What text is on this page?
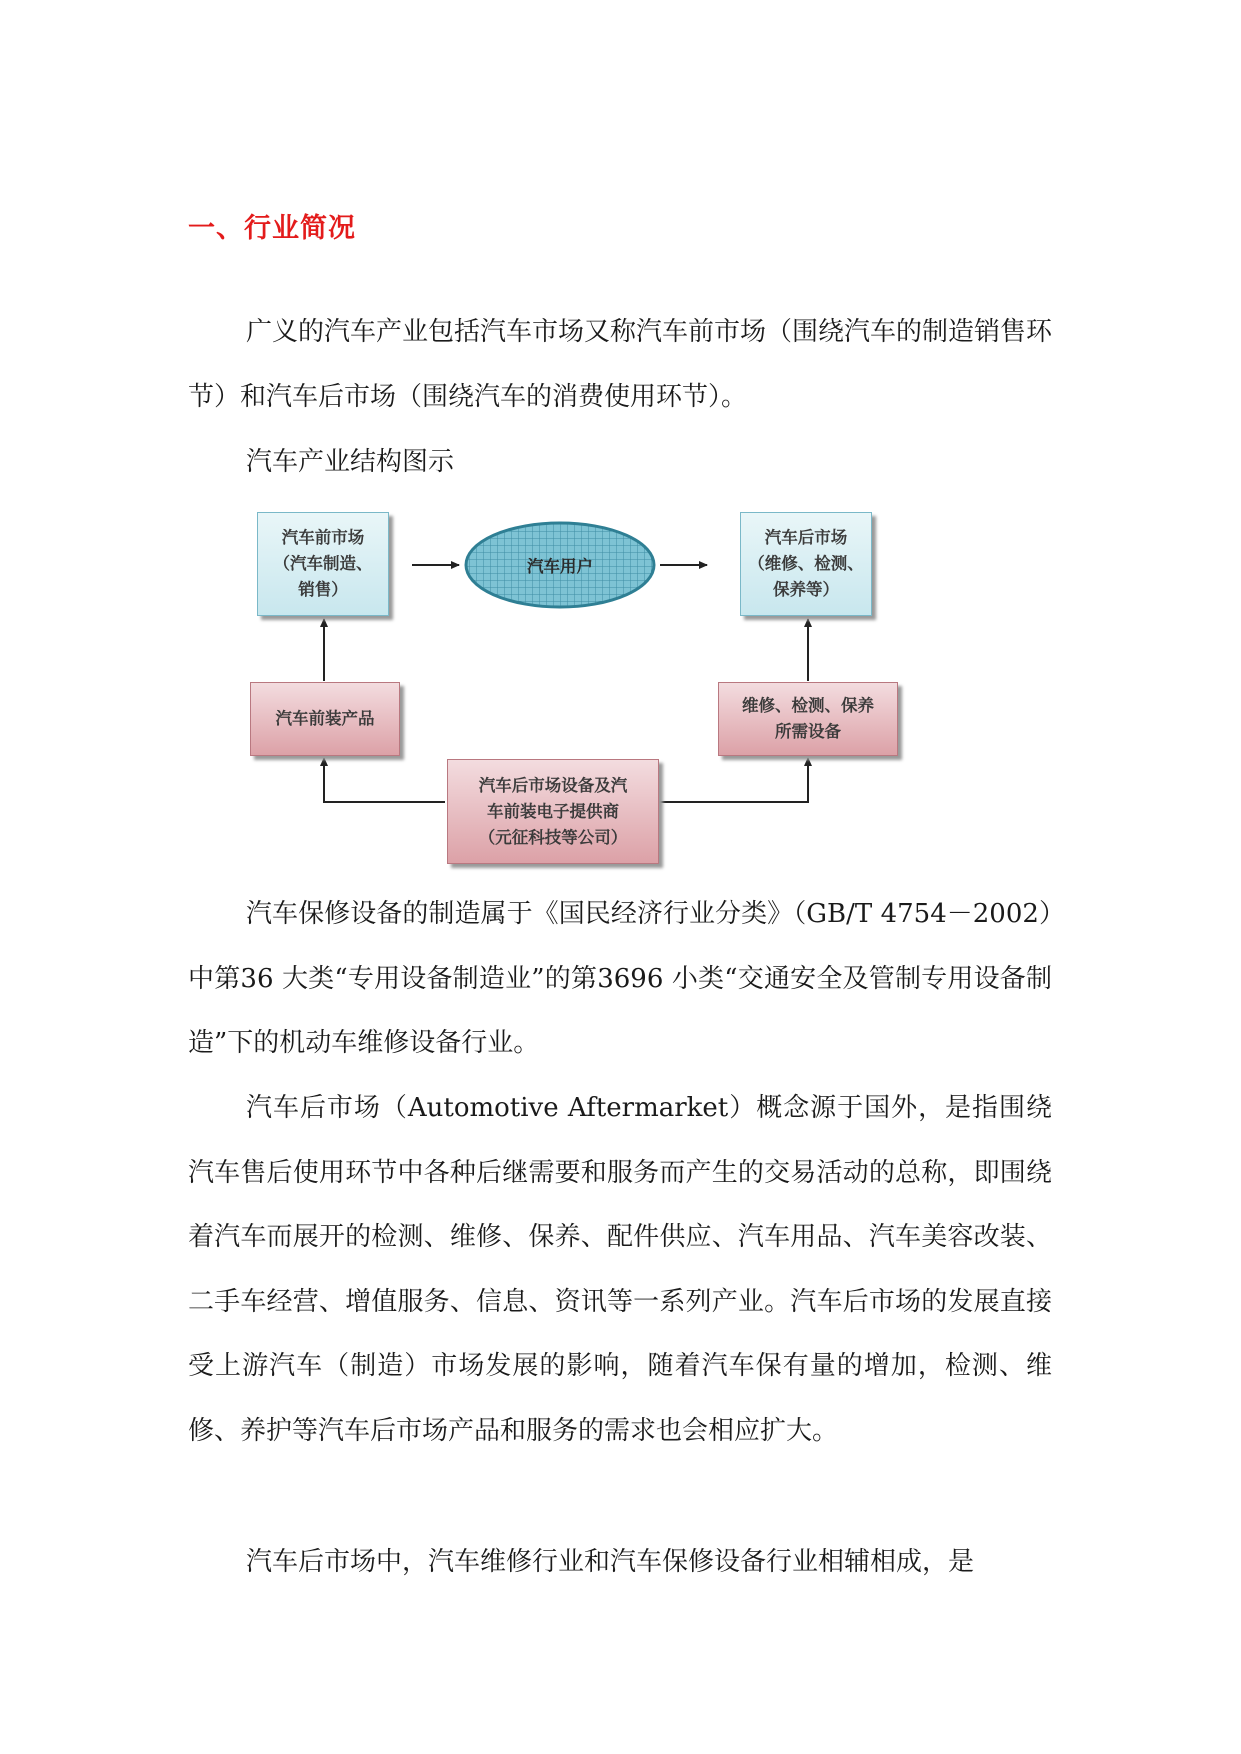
一、行业简况

广义的汽车产业包括汽车市场又称汽车前市场（围绕汽车的制造销售环节）和汽车后市场（围绕汽车的消费使用环节）。

汽车产业结构图示

汽车前市场
（汽车制造、
销售）
汽车用户
汽车后市场
（维修、检测、
保养等）
汽车前装产品
维修、检测、保养
所需设备
汽车后市场设备及汽
车前装电子提供商
（元征科技等公司）

汽车保修设备的制造属于《国民经济行业分类》（GB/T 4754－2002）中第36 大类“专用设备制造业”的第3696 小类“交通安全及管制专用设备制造”下的机动车维修设备行业。

汽车后市场（Automotive Aftermarket）概念源于国外，是指围绕汽车售后使用环节中各种后继需要和服务而产生的交易活动的总称，即围绕着汽车而展开的检测、维修、保养、配件供应、汽车用品、汽车美容改装、二手车经营、增值服务、信息、资讯等一系列产业。汽车后市场的发展直接受上游汽车（制造）市场发展的影响，随着汽车保有量的增加，检测、维修、养护等汽车后市场产品和服务的需求也会相应扩大。

汽车后市场中，汽车维修行业和汽车保修设备行业相辅相成，是
